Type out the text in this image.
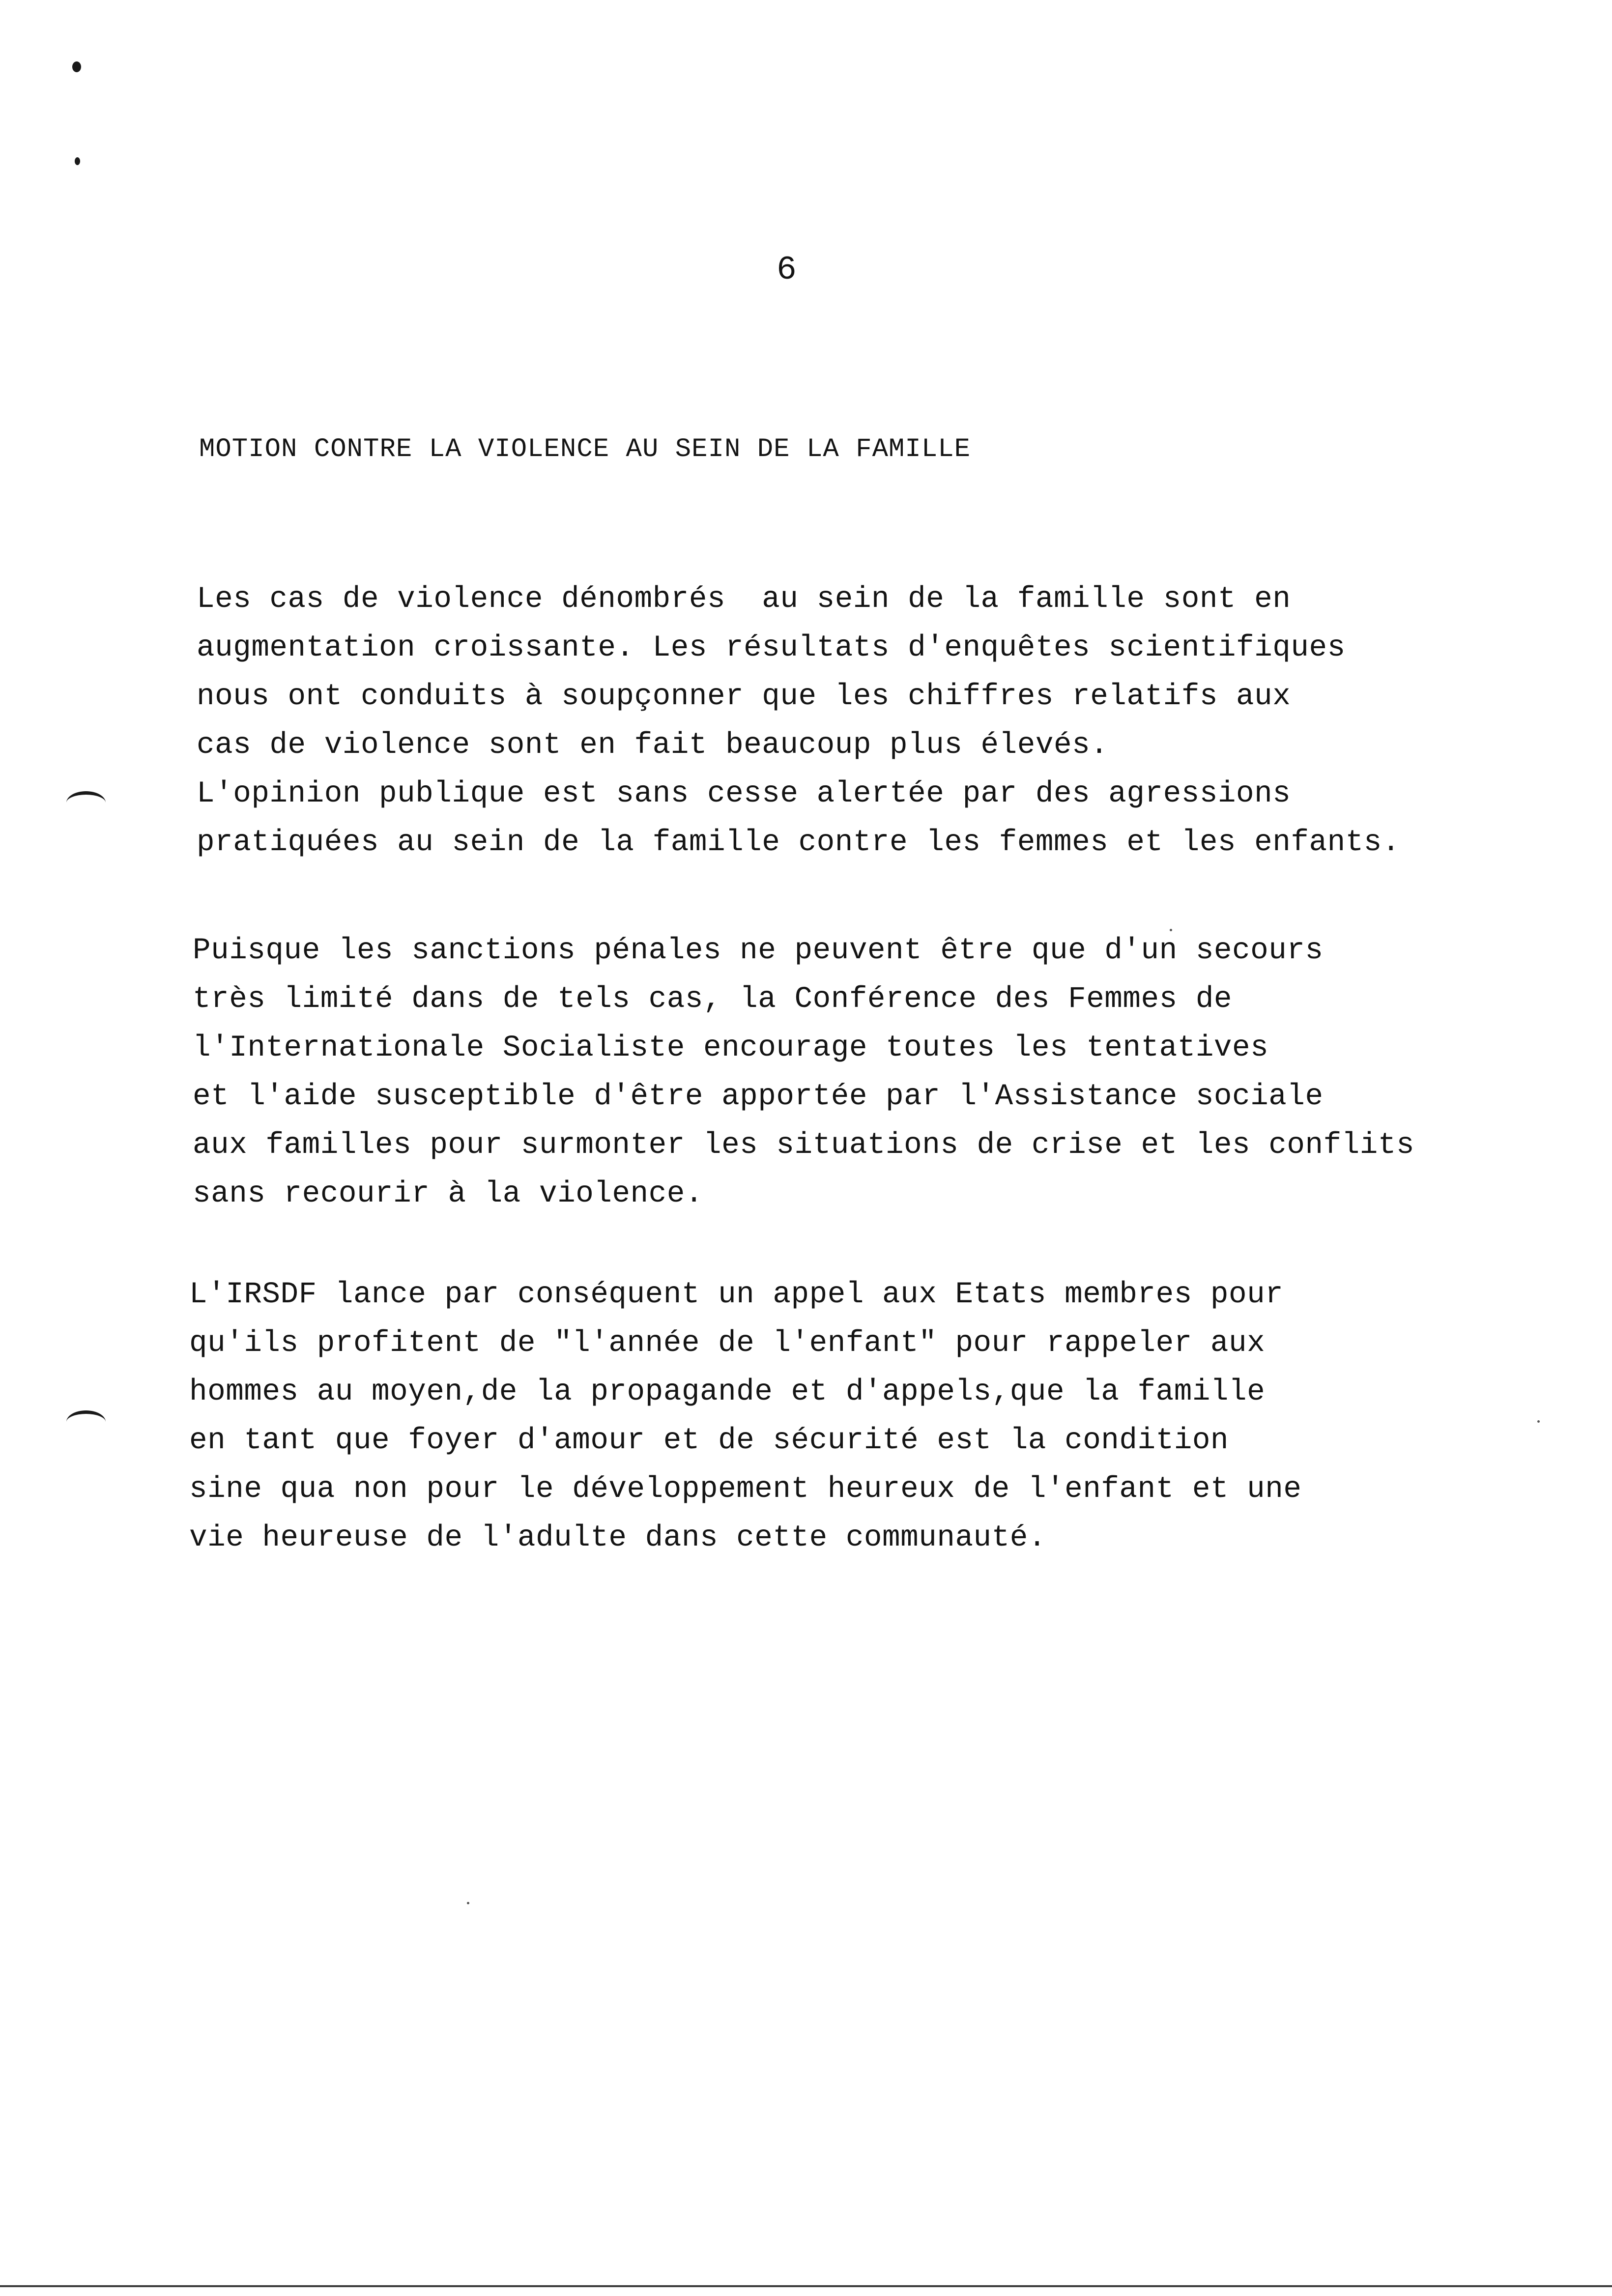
6

MOTION CONTRE LA VIOLENCE AU SEIN DE LA FAMILLE

Les cas de violence dénombrés  au sein de la famille sont en
augmentation croissante. Les résultats d'enquêtes scientifiques
nous ont conduits à soupçonner que les chiffres relatifs aux
cas de violence sont en fait beaucoup plus élevés.
L'opinion publique est sans cesse alertée par des agressions
pratiquées au sein de la famille contre les femmes et les enfants.

Puisque les sanctions pénales ne peuvent être que d'un secours
très limité dans de tels cas, la Conférence des Femmes de
l'Internationale Socialiste encourage toutes les tentatives
et l'aide susceptible d'être apportée par l'Assistance sociale
aux familles pour surmonter les situations de crise et les conflits
sans recourir à la violence.

L'IRSDF lance par conséquent un appel aux Etats membres pour
qu'ils profitent de "l'année de l'enfant" pour rappeler aux
hommes au moyen,de la propagande et d'appels,que la famille
en tant que foyer d'amour et de sécurité est la condition
sine qua non pour le développement heureux de l'enfant et une
vie heureuse de l'adulte dans cette communauté.
